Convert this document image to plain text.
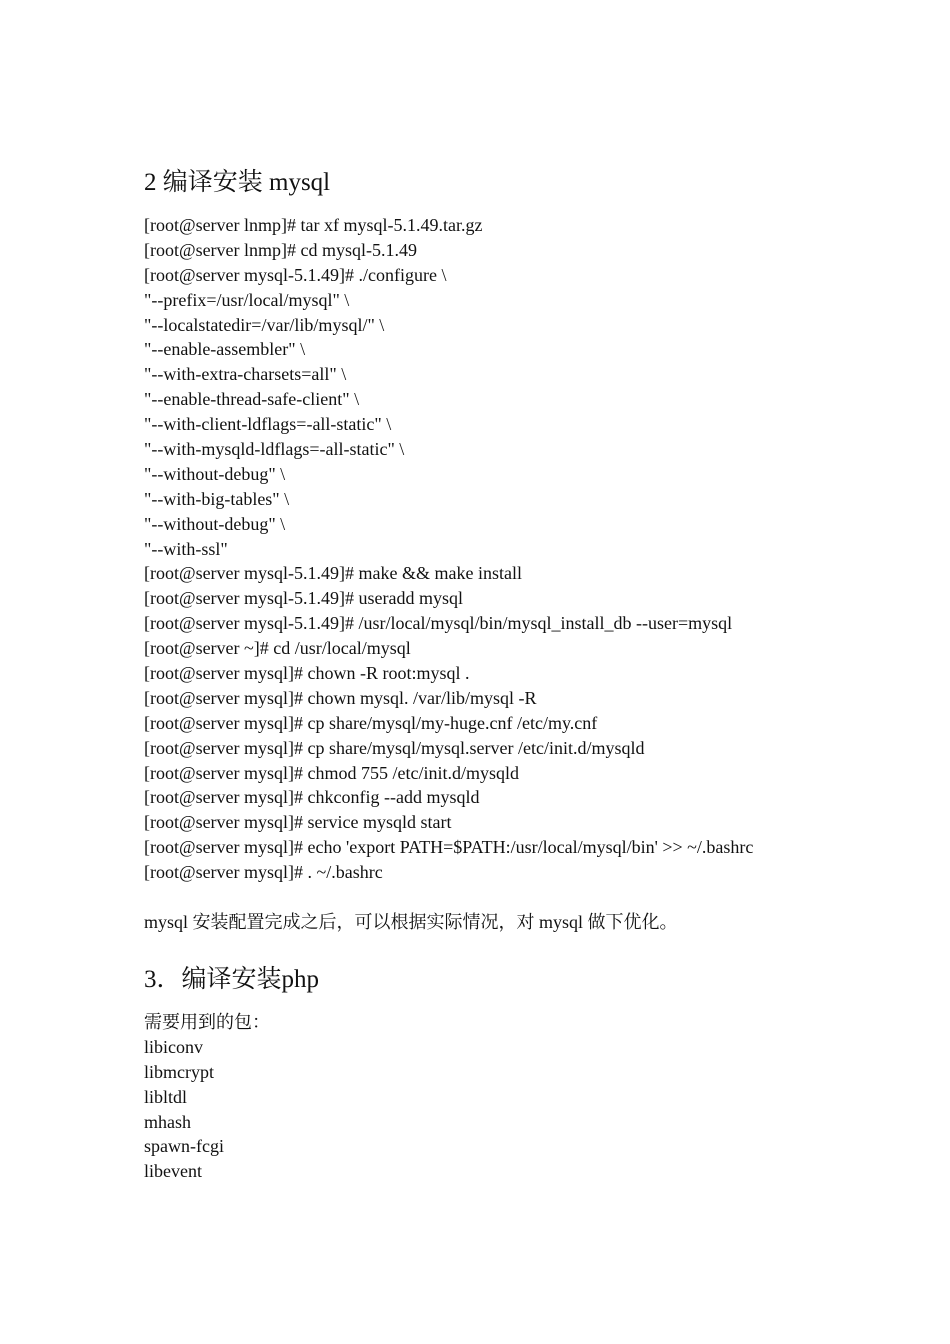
2 编译安装 mysql
[root@server lnmp]# tar xf mysql-5.1.49.tar.gz
[root@server lnmp]# cd mysql-5.1.49
[root@server mysql-5.1.49]# ./configure \
"--prefix=/usr/local/mysql" \
"--localstatedir=/var/lib/mysql/" \
"--enable-assembler" \
"--with-extra-charsets=all" \
"--enable-thread-safe-client" \
"--with-client-ldflags=-all-static" \
"--with-mysqld-ldflags=-all-static" \
"--without-debug" \
"--with-big-tables" \
"--without-debug" \
"--with-ssl"
[root@server mysql-5.1.49]# make && make install
[root@server mysql-5.1.49]# useradd mysql
[root@server mysql-5.1.49]# /usr/local/mysql/bin/mysql_install_db --user=mysql
[root@server ~]# cd /usr/local/mysql
[root@server mysql]# chown -R root:mysql .
[root@server mysql]# chown mysql. /var/lib/mysql -R
[root@server mysql]# cp share/mysql/my-huge.cnf /etc/my.cnf
[root@server mysql]# cp share/mysql/mysql.server /etc/init.d/mysqld
[root@server mysql]# chmod 755 /etc/init.d/mysqld
[root@server mysql]# chkconfig --add mysqld
[root@server mysql]# service mysqld start
[root@server mysql]# echo 'export PATH=$PATH:/usr/local/mysql/bin' >> ~/.bashrc
[root@server mysql]# . ~/.bashrc

mysql 安装配置完成之后，可以根据实际情况，对 mysql 做下优化。

3．编译安装php
需要用到的包：
libiconv
libmcrypt
libltdl
mhash
spawn-fcgi
libevent
